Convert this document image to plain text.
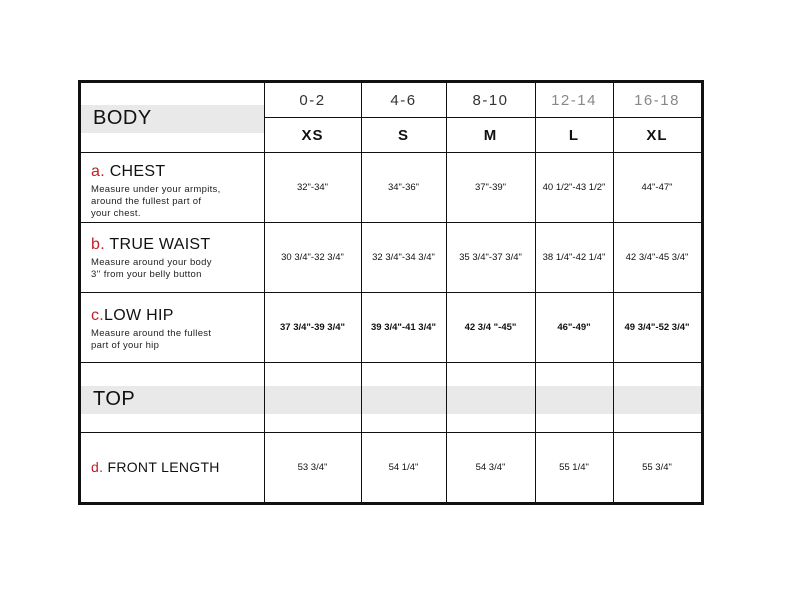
BODY
TOP
0-2	4-6	8-10	12-14	16-18
XS	S	M	L	XL
a. CHEST
Measure under your armpits,
around the fullest part of
your chest.
32"-34"	34"-36"	37"-39"	40 1/2"-43 1/2"	44"-47"
b. TRUE WAIST
Measure around your body
3'' from your belly button
30 3/4"-32 3/4"	32 3/4"-34 3/4"	35 3/4"-37 3/4"	38 1/4"-42 1/4"	42 3/4"-45 3/4"
c.LOW HIP
Measure around the fullest
part of your hip
37 3/4"-39 3/4"	39 3/4"-41 3/4"	42 3/4 "-45"	46"-49"	49 3/4"-52 3/4"
d. FRONT LENGTH	53 3/4"	54 1/4"	54 3/4"	55 1/4"	55 3/4"
